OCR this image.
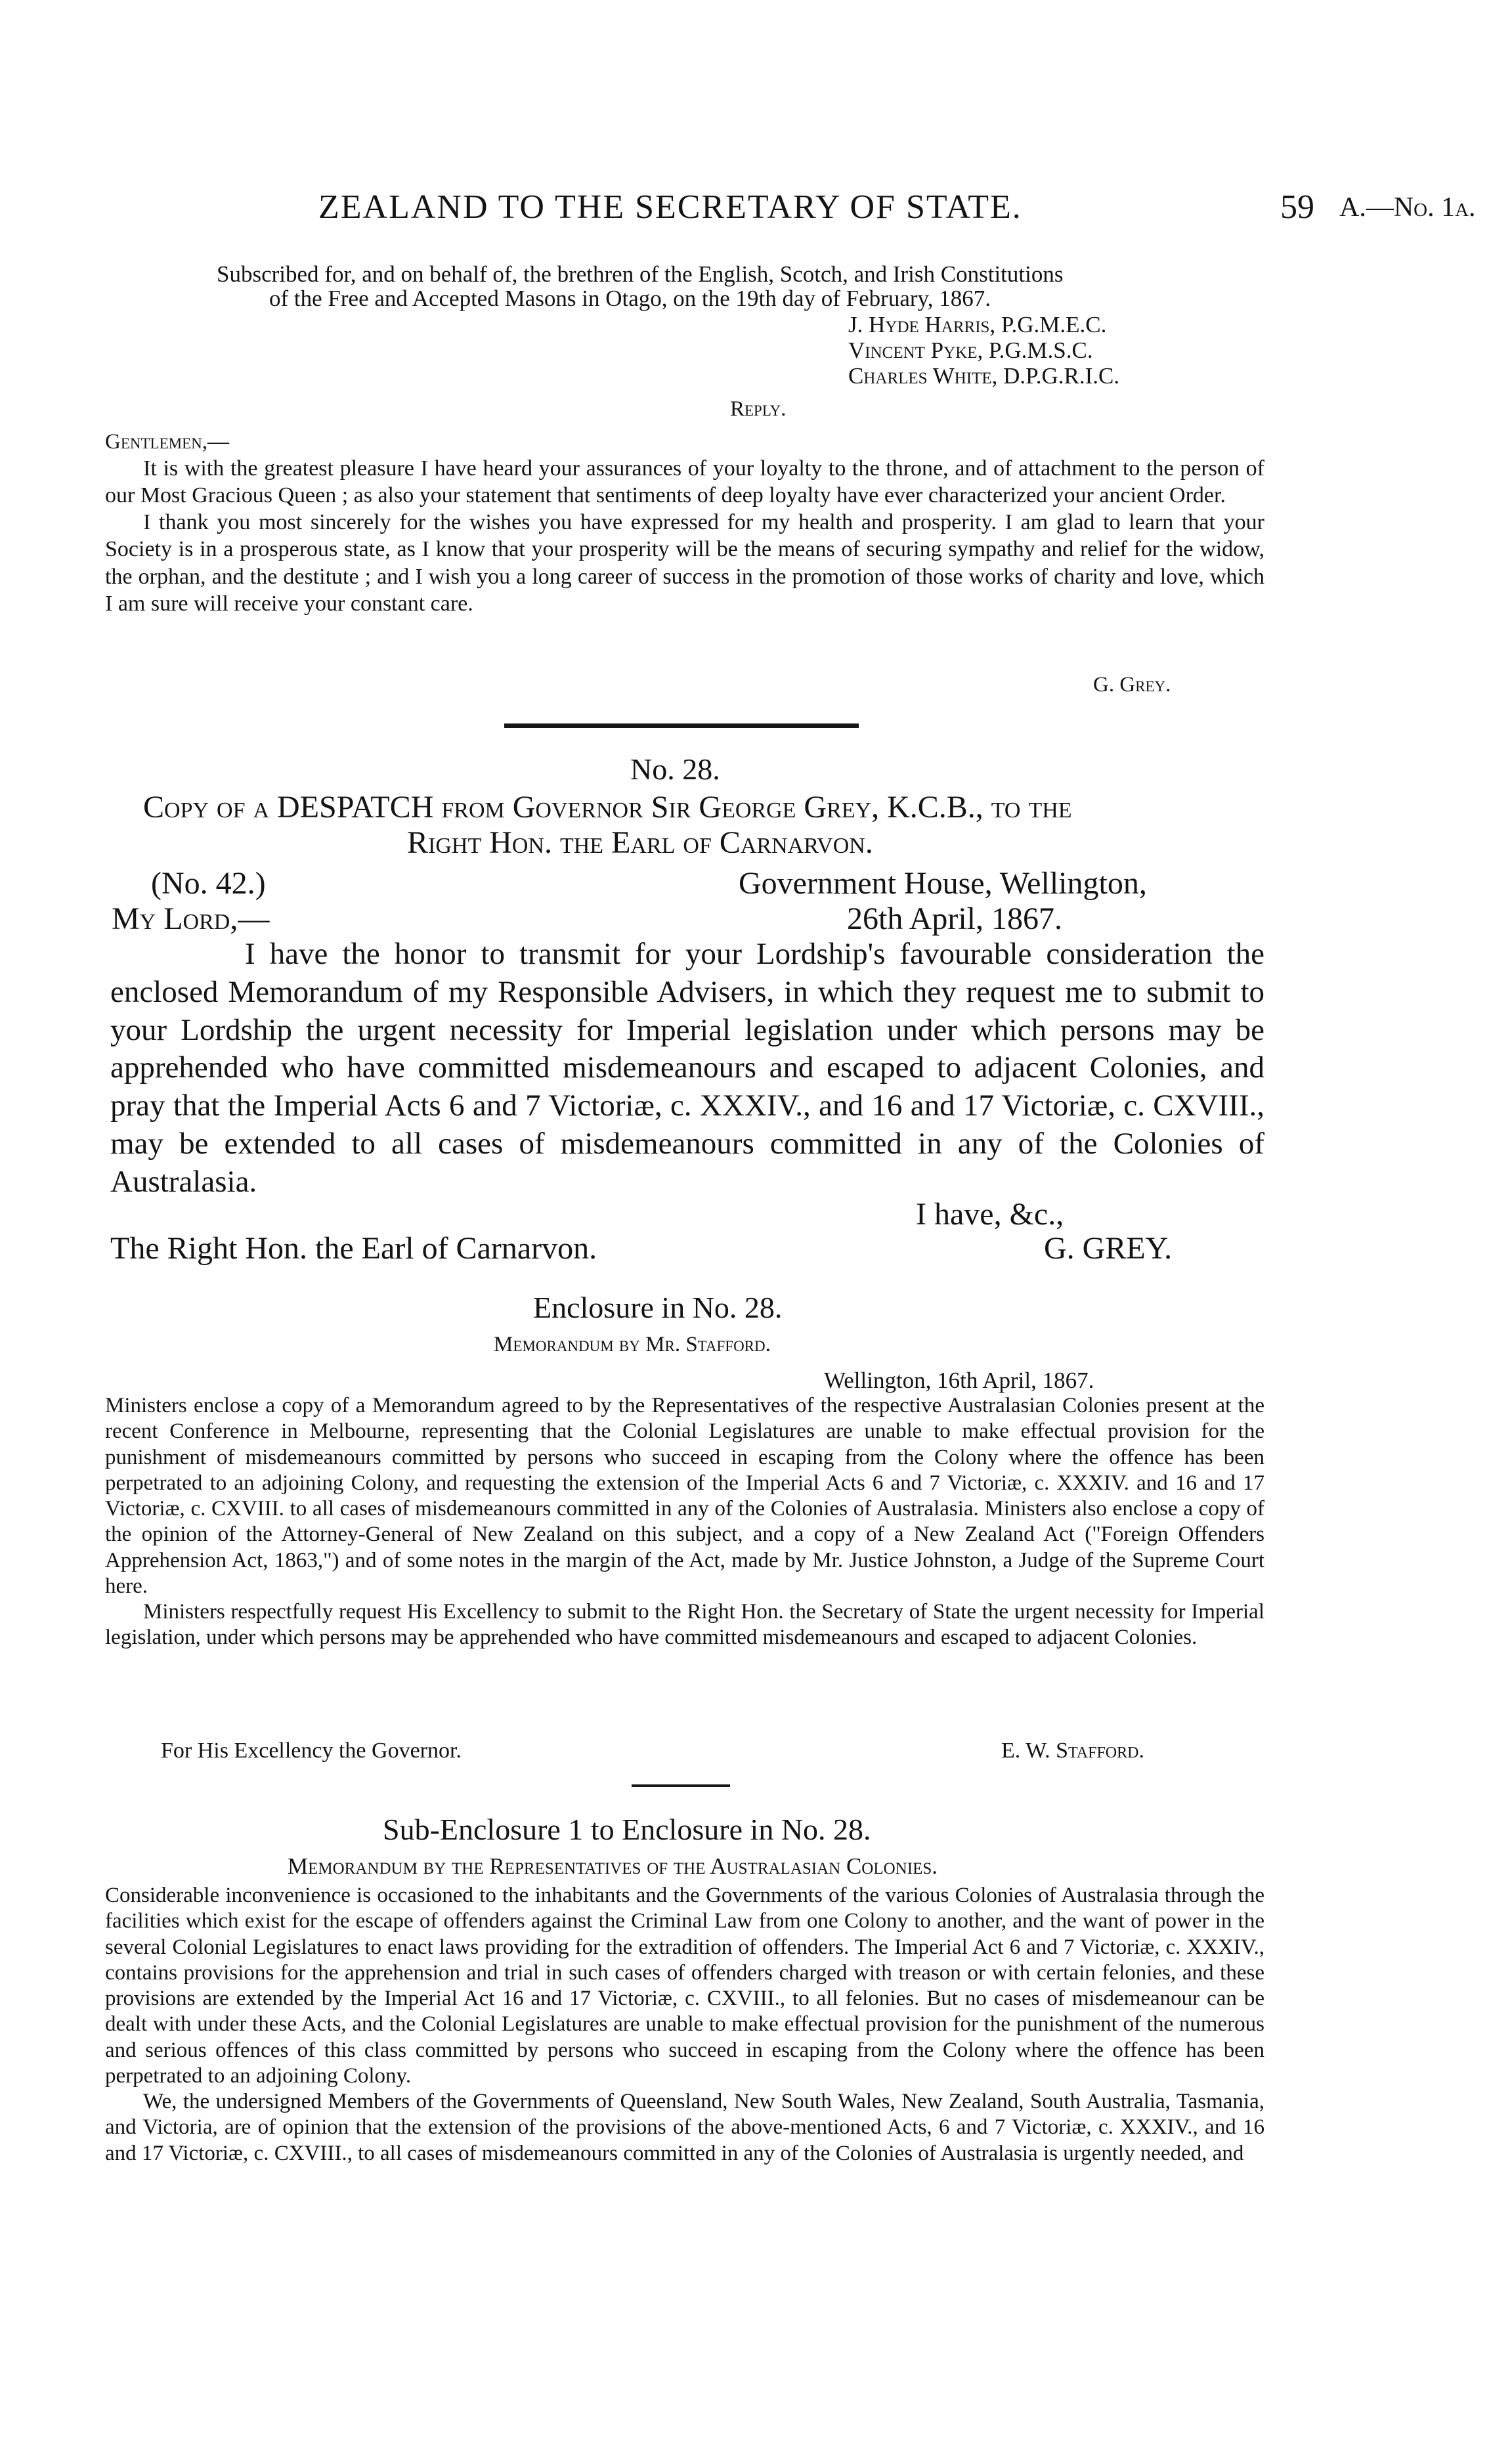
ZEALAND TO THE SECRETARY OF STATE.	59 A.—No. 1a.
Subscribed for, and on behalf of, the brethren of the English, Scotch, and Irish Constitutions
of the Free and Accepted Masons in Otago, on the 19th day of February, 1867.
J. Hyde Harris, P.G.M.E.C.
Vincent Pyke, P.G.M.S.C.
Charles White, D.P.G.R.I.C.
Reply.
Gentlemen,—

It is with the greatest pleasure I have heard your assurances of your loyalty to the throne, and of attachment to the person of our Most Gracious Queen ; as also your statement that sentiments of deep loyalty have ever characterized your ancient Order.

I thank you most sincerely for the wishes you have expressed for my health and prosperity. I am glad to learn that your Society is in a prosperous state, as I know that your prosperity will be the means of securing sympathy and relief for the widow, the orphan, and the destitute ; and I wish you a long career of success in the promotion of those works of charity and love, which I am sure will receive your constant care.

G. Grey.
No. 28.
Copy of a DESPATCH from Governor Sir George Grey, K.C.B., to the
Right Hon. the Earl of Carnarvon.
(No. 42.)	Government House, Wellington,
My Lord,—	26th April, 1867.
I have the honor to transmit for your Lordship's favourable consideration the enclosed Memorandum of my Responsible Advisers, in which they request me to submit to your Lordship the urgent necessity for Imperial legislation under which persons may be apprehended who have committed misdemeanours and escaped to adjacent Colonies, and pray that the Imperial Acts 6 and 7 Victoriæ, c. XXXIV., and 16 and 17 Victoriæ, c. CXVIII., may be extended to all cases of misdemeanours committed in any of the Colonies of Australasia.
I have, &c.,
The Right Hon. the Earl of Carnarvon.	G. GREY.
Enclosure in No. 28.
Memorandum by Mr. Stafford.
Wellington, 16th April, 1867.

Ministers enclose a copy of a Memorandum agreed to by the Representatives of the respective Australasian Colonies present at the recent Conference in Melbourne, representing that the Colonial Legislatures are unable to make effectual provision for the punishment of misdemeanours committed by persons who succeed in escaping from the Colony where the offence has been perpetrated to an adjoining Colony, and requesting the extension of the Imperial Acts 6 and 7 Victoriæ, c. XXXIV. and 16 and 17 Victoriæ, c. CXVIII. to all cases of misdemeanours committed in any of the Colonies of Australasia. Ministers also enclose a copy of the opinion of the Attorney-General of New Zealand on this subject, and a copy of a New Zealand Act ("Foreign Offenders Apprehension Act, 1863,") and of some notes in the margin of the Act, made by Mr. Justice Johnston, a Judge of the Supreme Court here.

Ministers respectfully request His Excellency to submit to the Right Hon. the Secretary of State the urgent necessity for Imperial legislation, under which persons may be apprehended who have committed misdemeanours and escaped to adjacent Colonies.

For His Excellency the Governor.	E. W. Stafford.
Sub-Enclosure 1 to Enclosure in No. 28.
Memorandum by the Representatives of the Australasian Colonies.

Considerable inconvenience is occasioned to the inhabitants and the Governments of the various Colonies of Australasia through the facilities which exist for the escape of offenders against the Criminal Law from one Colony to another, and the want of power in the several Colonial Legislatures to enact laws providing for the extradition of offenders. The Imperial Act 6 and 7 Victoriæ, c. XXXIV., contains provisions for the apprehension and trial in such cases of offenders charged with treason or with certain felonies, and these provisions are extended by the Imperial Act 16 and 17 Victoriæ, c. CXVIII., to all felonies. But no cases of misdemeanour can be dealt with under these Acts, and the Colonial Legislatures are unable to make effectual provision for the punishment of the numerous and serious offences of this class committed by persons who succeed in escaping from the Colony where the offence has been perpetrated to an adjoining Colony.

We, the undersigned Members of the Governments of Queensland, New South Wales, New Zealand, South Australia, Tasmania, and Victoria, are of opinion that the extension of the provisions of the above-mentioned Acts, 6 and 7 Victoriæ, c. XXXIV., and 16 and 17 Victoriæ, c. CXVIII., to all cases of misdemeanours committed in any of the Colonies of Australasia is urgently needed, and
